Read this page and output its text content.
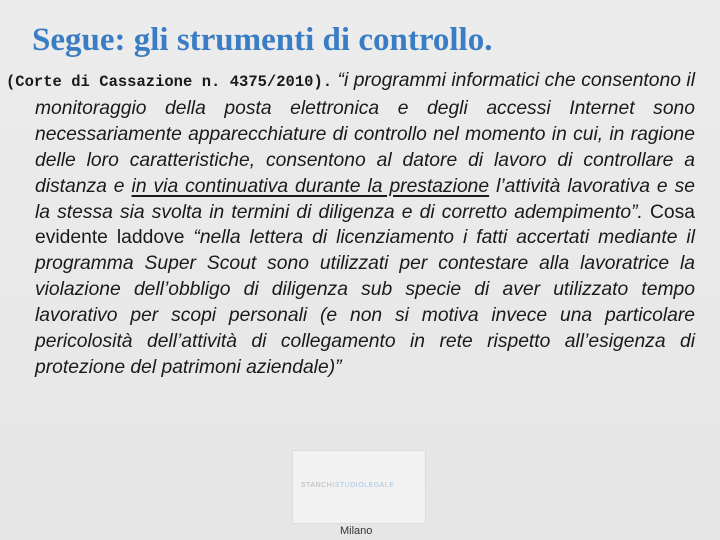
Segue: gli strumenti di controllo.

(Corte di Cassazione n. 4375/2010). “i programmi informatici che consentono il monitoraggio della posta elettronica e degli accessi Internet sono necessariamente apparecchiature di controllo nel momento in cui, in ragione delle loro caratteristiche, consentono al datore di lavoro di controllare a distanza e in via continuativa durante la prestazione l’attività lavorativa e se la stessa sia svolta in termini di diligenza e di corretto adempimento”. Cosa evidente laddove “nella lettera di licenziamento i fatti accertati mediante il programma Super Scout sono utilizzati per contestare alla lavoratrice la violazione dell’obbligo di diligenza sub specie di aver utilizzato tempo lavorativo per scopi personali (e non si motiva invece una particolare pericolosità dell’attività di collegamento in rete rispetto all’esigenza di protezione del patrimoni aziendale)”

STANCHISTUDIOLEGALE
Milano
